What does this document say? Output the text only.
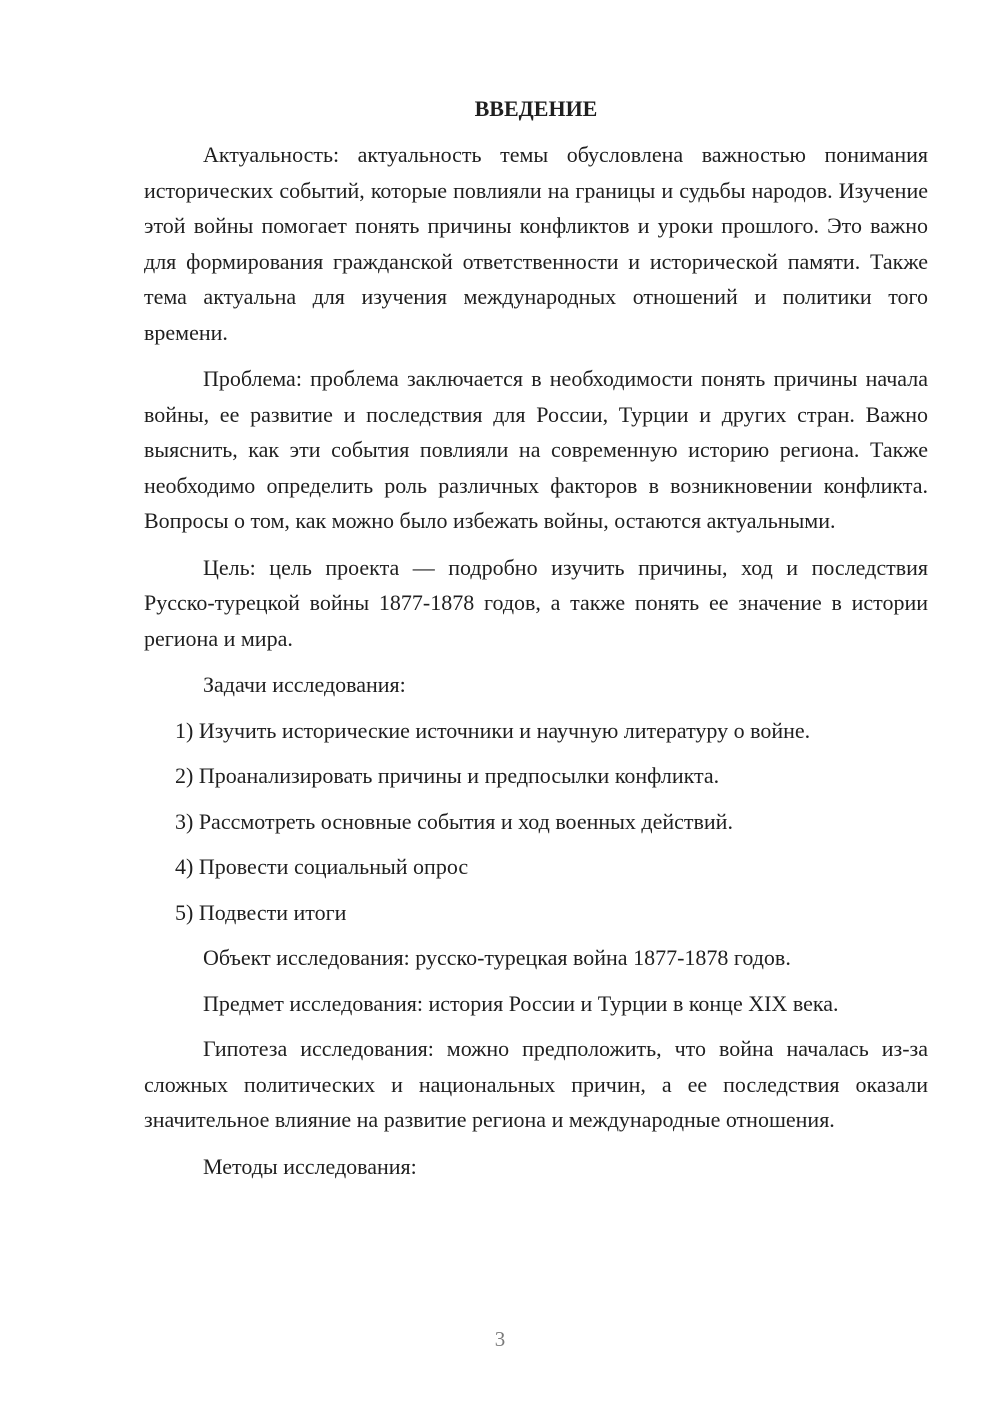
ВВЕДЕНИЕ

Актуальность: актуальность темы обусловлена важностью понимания исторических событий, которые повлияли на границы и судьбы народов. Изучение этой войны помогает понять причины конфликтов и уроки прошлого. Это важно для формирования гражданской ответственности и исторической памяти. Также тема актуальна для изучения международных отношений и политики того времени.

Проблема: проблема заключается в необходимости понять причины начала войны, ее развитие и последствия для России, Турции и других стран. Важно выяснить, как эти события повлияли на современную историю региона. Также необходимо определить роль различных факторов в возникновении конфликта. Вопросы о том, как можно было избежать войны, остаются актуальными.

Цель: цель проекта — подробно изучить причины, ход и последствия Русско-турецкой войны 1877-1878 годов, а также понять ее значение в истории региона и мира.

Задачи исследования:

1) Изучить исторические источники и научную литературу о войне.

2) Проанализировать причины и предпосылки конфликта.

3) Рассмотреть основные события и ход военных действий.

4) Провести социальный опрос

5) Подвести итоги

Объект исследования: русско-турецкая война 1877-1878 годов.

Предмет исследования: история России и Турции в конце XIX века.

Гипотеза исследования: можно предположить, что война началась из-за сложных политических и национальных причин, а ее последствия оказали значительное влияние на развитие региона и международные отношения.

Методы исследования:

3
